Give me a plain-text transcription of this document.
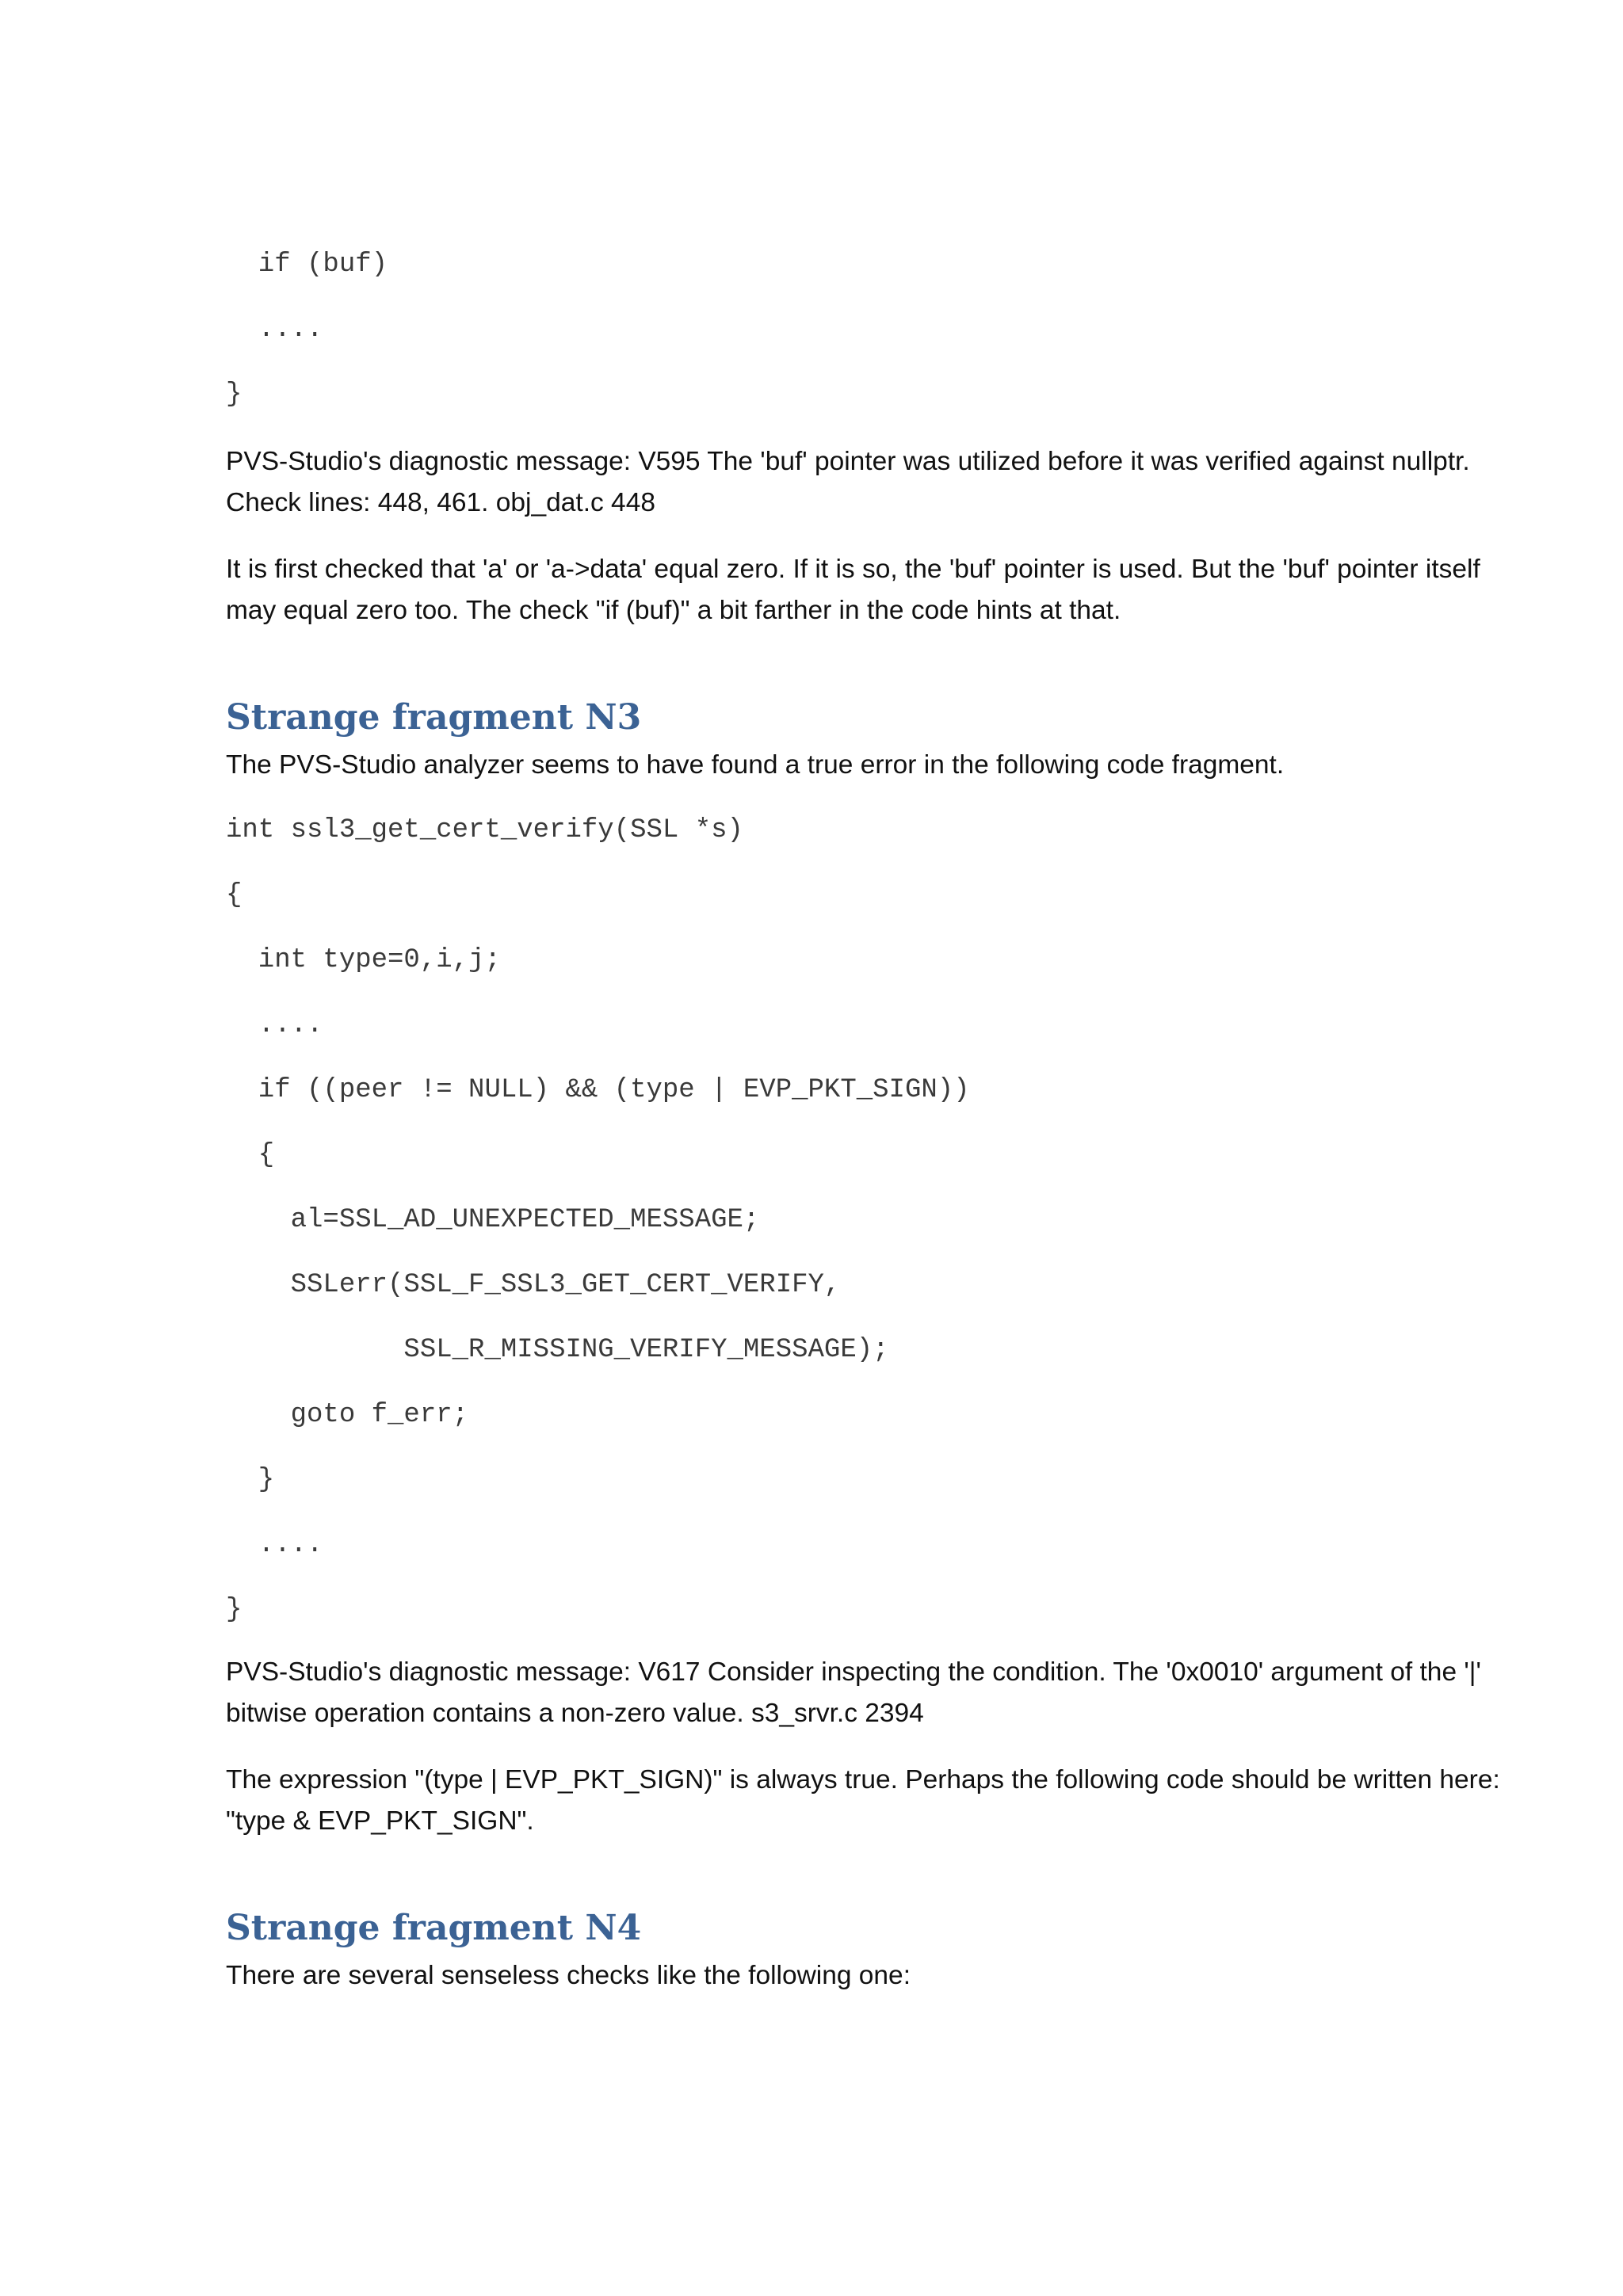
if (buf)
....
}
PVS-Studio's diagnostic message: V595 The 'buf' pointer was utilized before it was verified against nullptr. Check lines: 448, 461. obj_dat.c 448
It is first checked that 'a' or 'a->data' equal zero. If it is so, the 'buf' pointer is used. But the 'buf' pointer itself may equal zero too. The check "if (buf)" a bit farther in the code hints at that.
Strange fragment N3
The PVS-Studio analyzer seems to have found a true error in the following code fragment.
int ssl3_get_cert_verify(SSL *s)
{
int type=0,i,j;
....
if ((peer != NULL) && (type | EVP_PKT_SIGN))
{
al=SSL_AD_UNEXPECTED_MESSAGE;
SSLerr(SSL_F_SSL3_GET_CERT_VERIFY,
SSL_R_MISSING_VERIFY_MESSAGE);
goto f_err;
}
....
}
PVS-Studio's diagnostic message: V617 Consider inspecting the condition. The '0x0010' argument of the '|' bitwise operation contains a non-zero value. s3_srvr.c 2394
The expression "(type | EVP_PKT_SIGN)" is always true. Perhaps the following code should be written here: "type & EVP_PKT_SIGN".
Strange fragment N4
There are several senseless checks like the following one:
